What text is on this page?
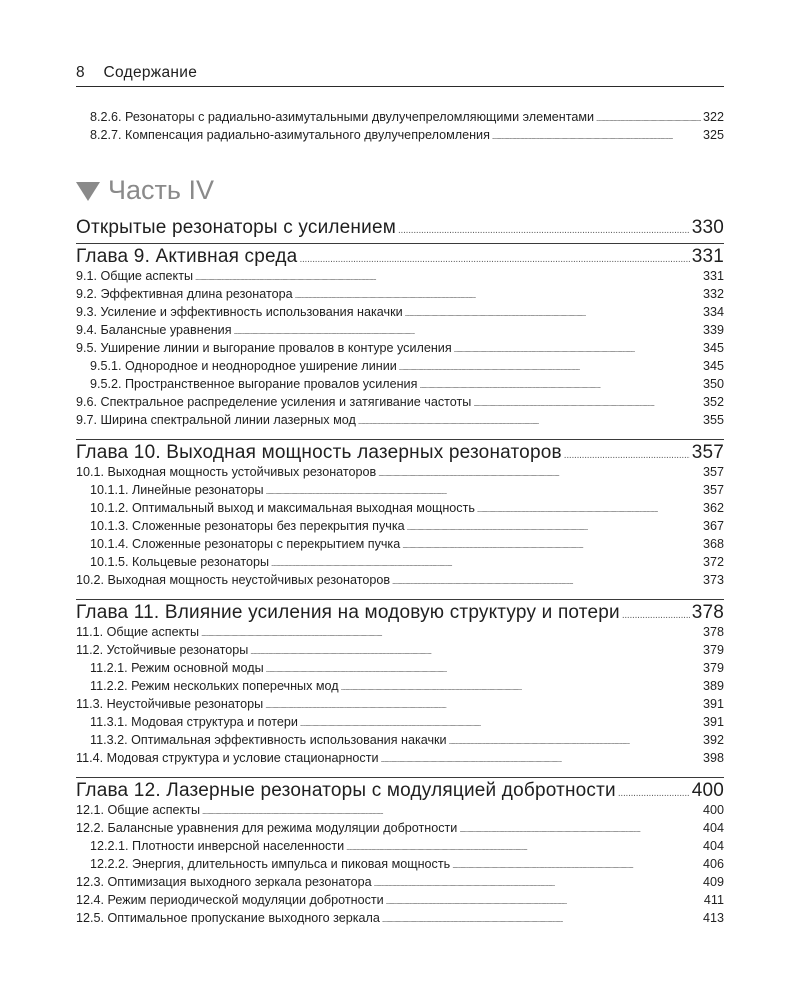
8 Содержание
8.2.6. Резонаторы с радиально-азимутальными двулучепреломляющими элементами . . .	322
8.2.7. Компенсация радиально-азимутального двулучепреломления . . .	325
Часть IV
Открытые резонаторы с усилением . . .	330
Глава 9. Активная среда . . .	331
9.1. Общие аспекты . . .	331
9.2. Эффективная длина резонатора . . .	332
9.3. Усиление и эффективность использования накачки . . .	334
9.4. Балансные уравнения . . .	339
9.5. Уширение линии и выгорание провалов в контуре усиления . . .	345
9.5.1. Однородное и неоднородное уширение линии . . .	345
9.5.2. Пространственное выгорание провалов усиления . . .	350
9.6. Спектральное распределение усиления и затягивание частоты . . .	352
9.7. Ширина спектральной линии лазерных мод . . .	355
Глава 10. Выходная мощность лазерных резонаторов . . .	357
10.1. Выходная мощность устойчивых резонаторов . . .	357
10.1.1. Линейные резонаторы . . .	357
10.1.2. Оптимальный выход и максимальная выходная мощность . . .	362
10.1.3. Сложенные резонаторы без перекрытия пучка . . .	367
10.1.4. Сложенные резонаторы с перекрытием пучка . . .	368
10.1.5. Кольцевые резонаторы . . .	372
10.2. Выходная мощность неустойчивых резонаторов . . .	373
Глава 11. Влияние усиления на модовую структуру и потери . . .	378
11.1. Общие аспекты . . .	378
11.2. Устойчивые резонаторы . . .	379
11.2.1. Режим основной моды . . .	379
11.2.2. Режим нескольких поперечных мод . . .	389
11.3. Неустойчивые резонаторы . . .	391
11.3.1. Модовая структура и потери . . .	391
11.3.2. Оптимальная эффективность использования накачки . . .	392
11.4. Модовая структура и условие стационарности . . .	398
Глава 12. Лазерные резонаторы с модуляцией добротности . . .	400
12.1. Общие аспекты . . .	400
12.2. Балансные уравнения для режима модуляции добротности . . .	404
12.2.1. Плотности инверсной населенности . . .	404
12.2.2. Энергия, длительность импульса и пиковая мощность . . .	406
12.3. Оптимизация выходного зеркала резонатора . . .	409
12.4. Режим периодической модуляции добротности . . .	411
12.5. Оптимальное пропускание выходного зеркала . . .	413
